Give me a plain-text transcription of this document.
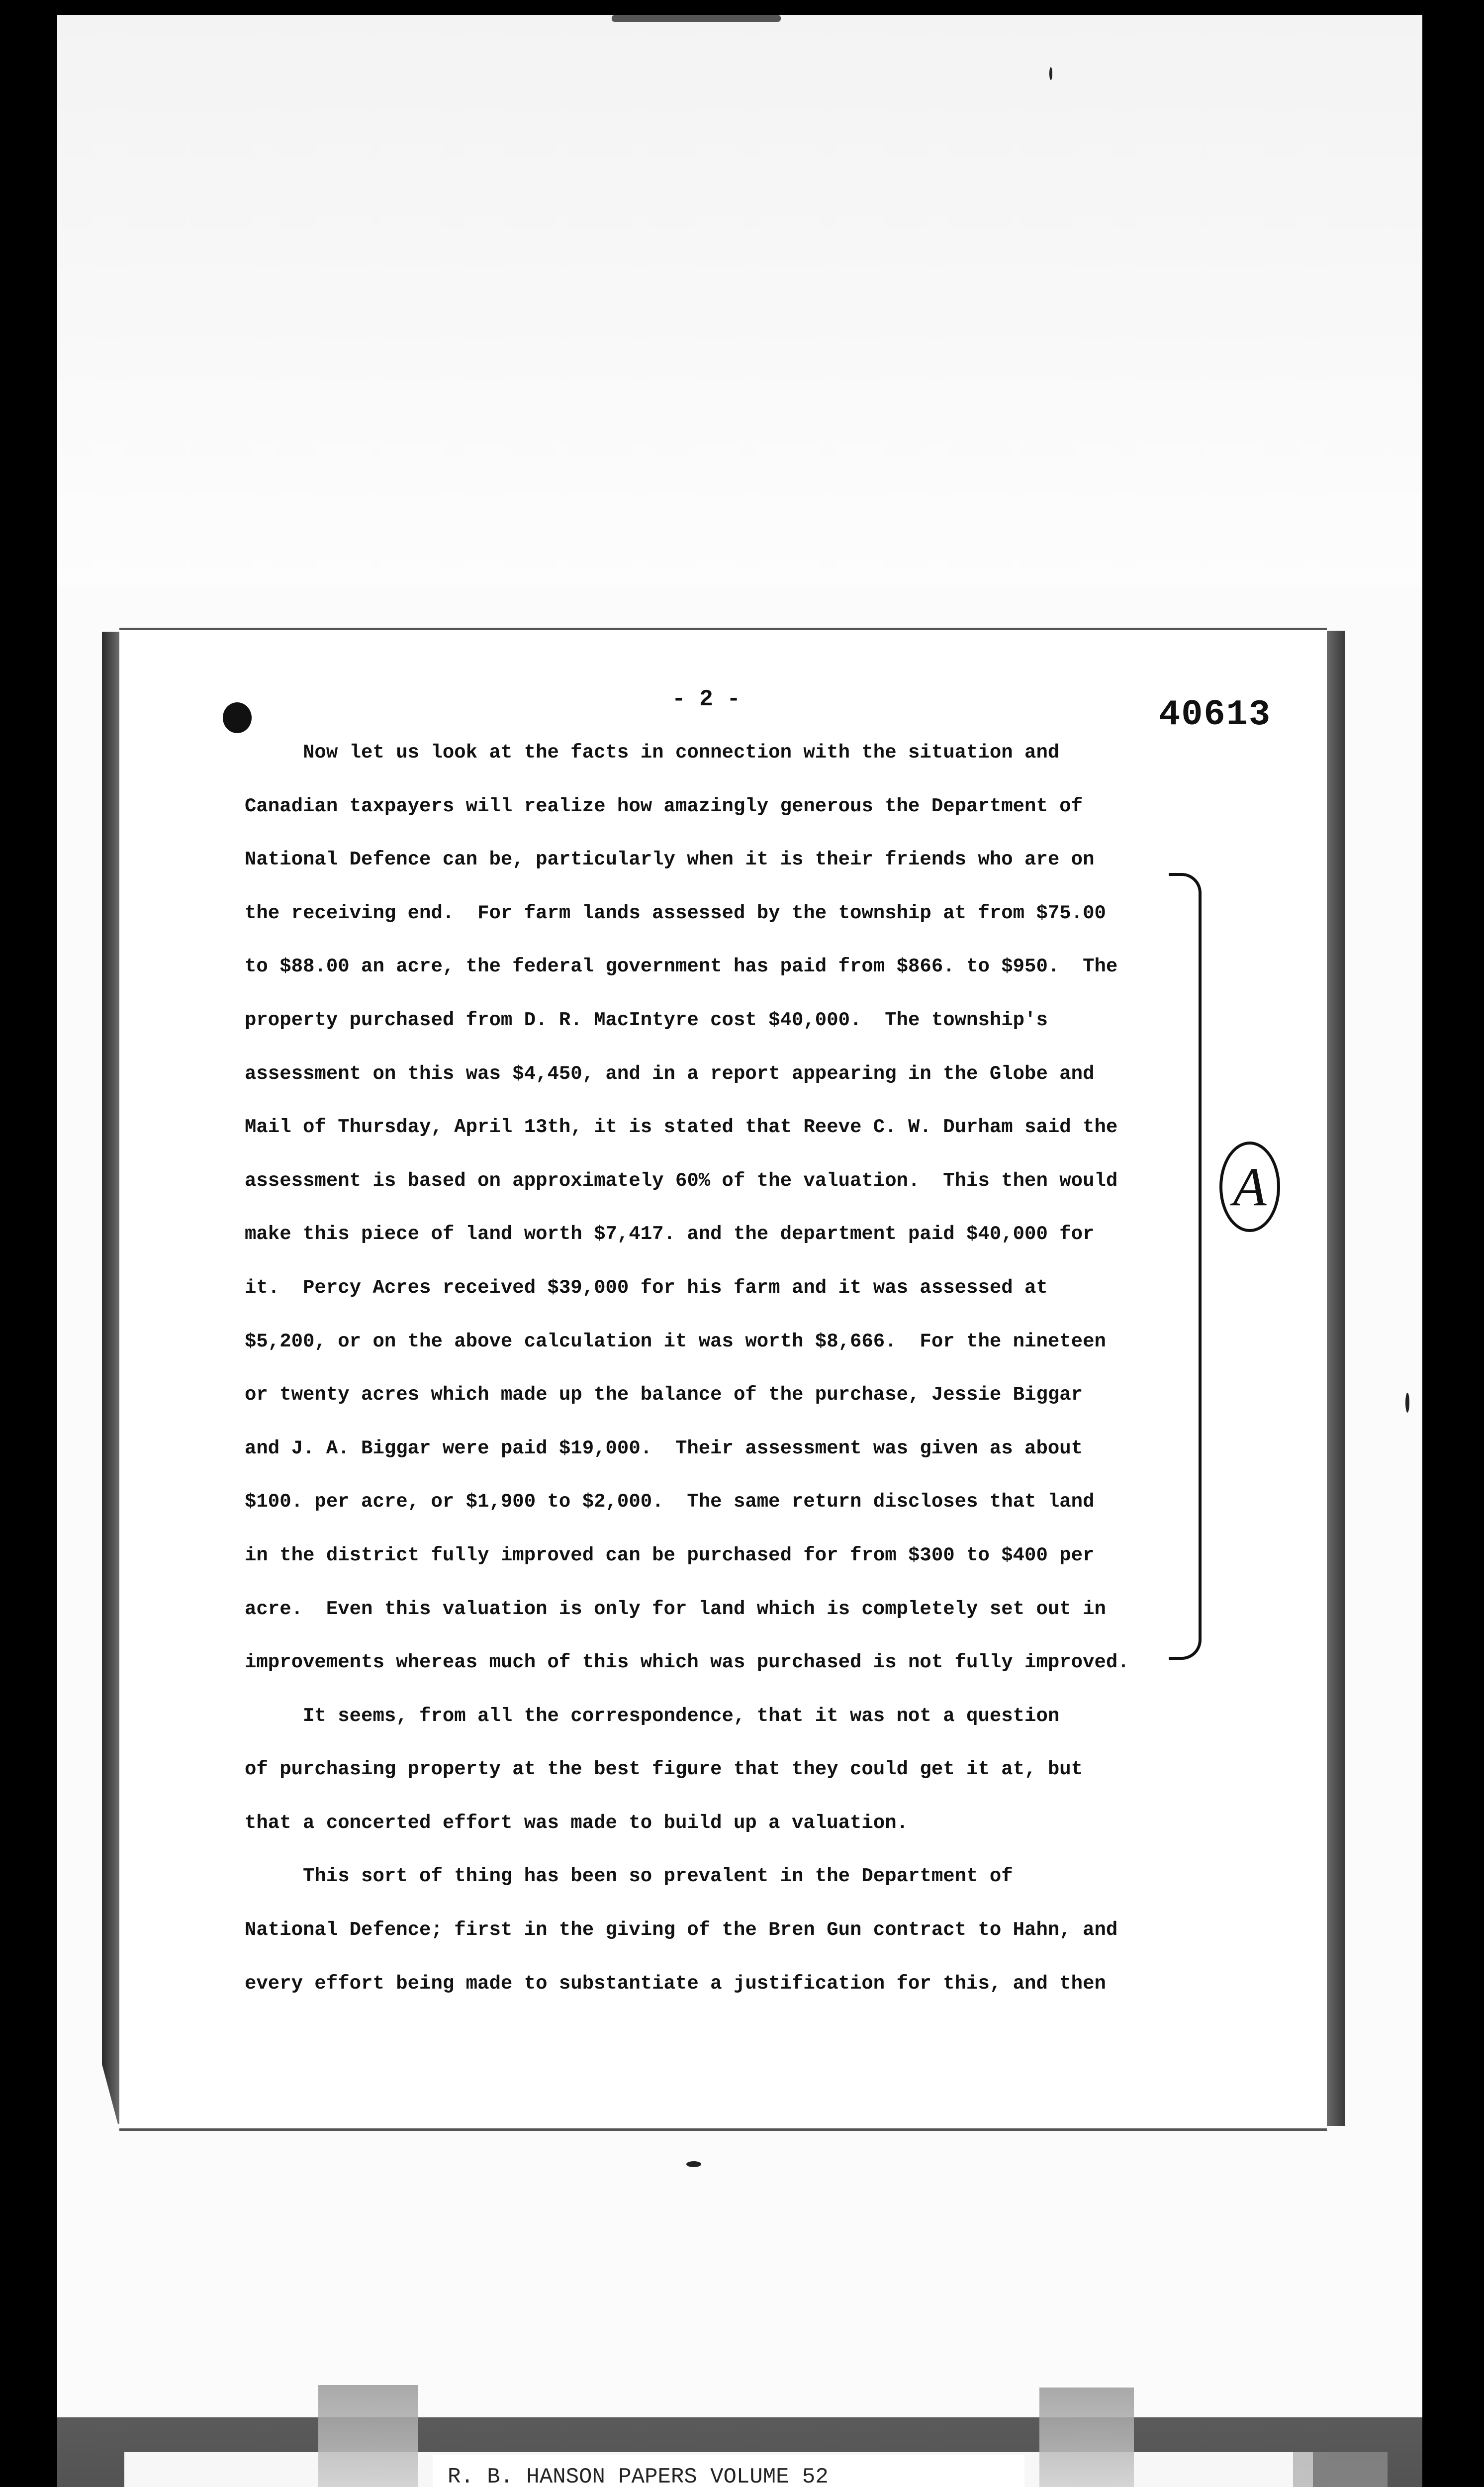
- 2 -	40613
Now let us look at the facts in connection with the situation and
Canadian taxpayers will realize how amazingly generous the Department of
National Defence can be, particularly when it is their friends who are on
the receiving end.  For farm lands assessed by the township at from $75.00
to $88.00 an acre, the federal government has paid from $866. to $950.  The
property purchased from D. R. MacIntyre cost $40,000.  The township's
assessment on this was $4,450, and in a report appearing in the Globe and
Mail of Thursday, April 13th, it is stated that Reeve C. W. Durham said the
assessment is based on approximately 60% of the valuation.  This then would
make this piece of land worth $7,417. and the department paid $40,000 for
it.  Percy Acres received $39,000 for his farm and it was assessed at
$5,200, or on the above calculation it was worth $8,666.  For the nineteen
or twenty acres which made up the balance of the purchase, Jessie Biggar
and J. A. Biggar were paid $19,000.  Their assessment was given as about
$100. per acre, or $1,900 to $2,000.  The same return discloses that land
in the district fully improved can be purchased for from $300 to $400 per
acre.  Even this valuation is only for land which is completely set out in
improvements whereas much of this which was purchased is not fully improved.
It seems, from all the correspondence, that it was not a question
of purchasing property at the best figure that they could get it at, but
that a concerted effort was made to build up a valuation.
This sort of thing has been so prevalent in the Department of
National Defence; first in the giving of the Bren Gun contract to Hahn, and
every effort being made to substantiate a justification for this, and then
A
R. B. HANSON PAPERS VOLUME 52
